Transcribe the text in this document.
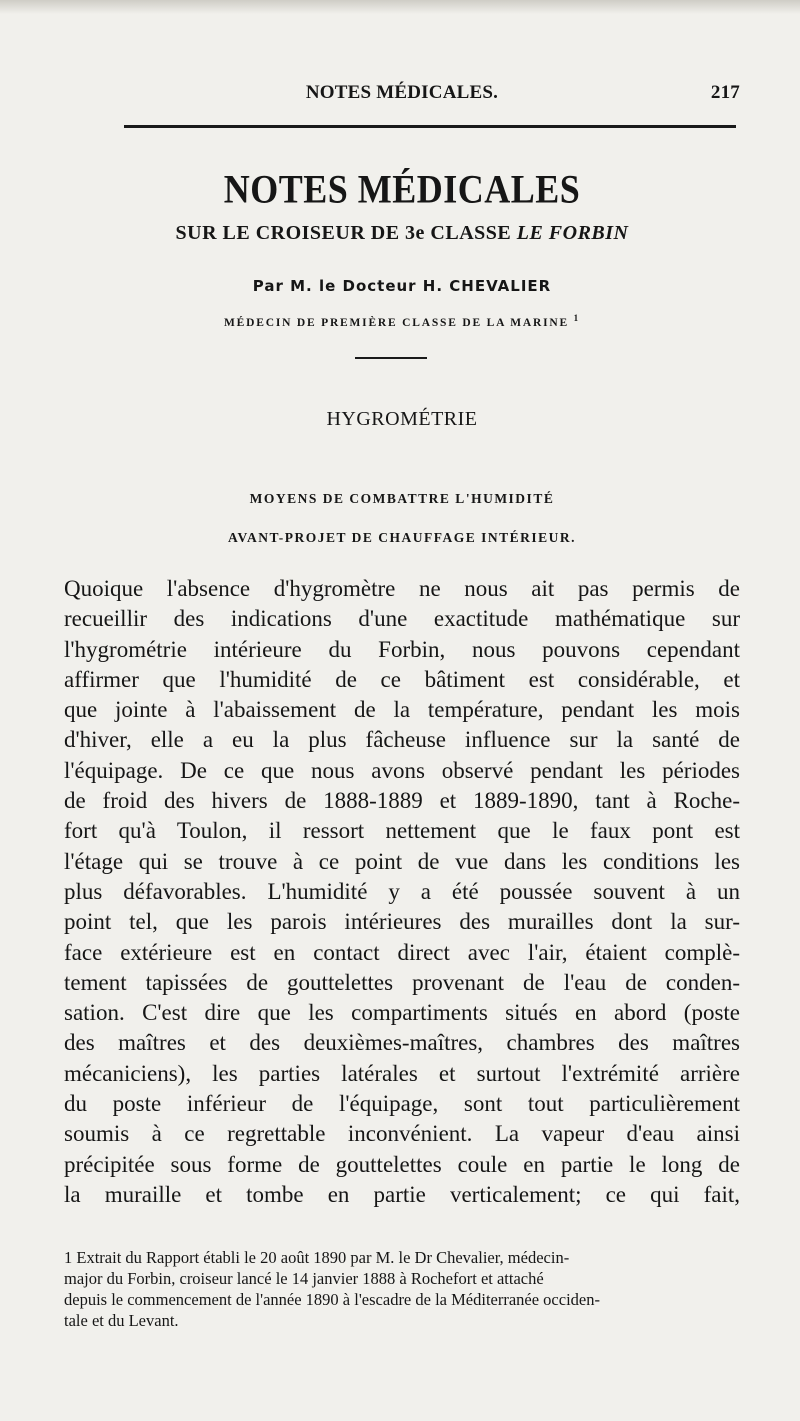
NOTES MÉDICALES.	217
NOTES MÉDICALES
SUR LE CROISEUR DE 3e CLASSE LE FORBIN
Par M. le Docteur H. CHEVALIER
MÉDECIN DE PREMIÈRE CLASSE DE LA MARINE $^1$
HYGROMÉTRIE
MOYENS DE COMBATTRE L'HUMIDITÉ
AVANT-PROJET DE CHAUFFAGE INTÉRIEUR.
Quoique l'absence d'hygromètre ne nous ait pas permis de
recueillir des indications d'une exactitude mathématique sur
l'hygrométrie intérieure du Forbin, nous pouvons cependant
affirmer que l'humidité de ce bâtiment est considérable, et
que jointe à l'abaissement de la température, pendant les mois
d'hiver, elle a eu la plus fâcheuse influence sur la santé de
l'équipage. De ce que nous avons observé pendant les périodes
de froid des hivers de 1888-1889 et 1889-1890, tant à Roche-
fort qu'à Toulon, il ressort nettement que le faux pont est
l'étage qui se trouve à ce point de vue dans les conditions les
plus défavorables. L'humidité y a été poussée souvent à un
point tel, que les parois intérieures des murailles dont la sur-
face extérieure est en contact direct avec l'air, étaient complè-
tement tapissées de gouttelettes provenant de l'eau de conden-
sation. C'est dire que les compartiments situés en abord (poste
des maîtres et des deuxièmes-maîtres, chambres des maîtres
mécaniciens), les parties latérales et surtout l'extrémité arrière
du poste inférieur de l'équipage, sont tout particulièrement
soumis à ce regrettable inconvénient. La vapeur d'eau ainsi
précipitée sous forme de gouttelettes coule en partie le long de
la muraille et tombe en partie verticalement; ce qui fait,
1 Extrait du Rapport établi le 20 août 1890 par M. le Dr Chevalier, médecin-
major du Forbin, croiseur lancé le 14 janvier 1888 à Rochefort et attaché
depuis le commencement de l'année 1890 à l'escadre de la Méditerranée occiden-
tale et du Levant.
